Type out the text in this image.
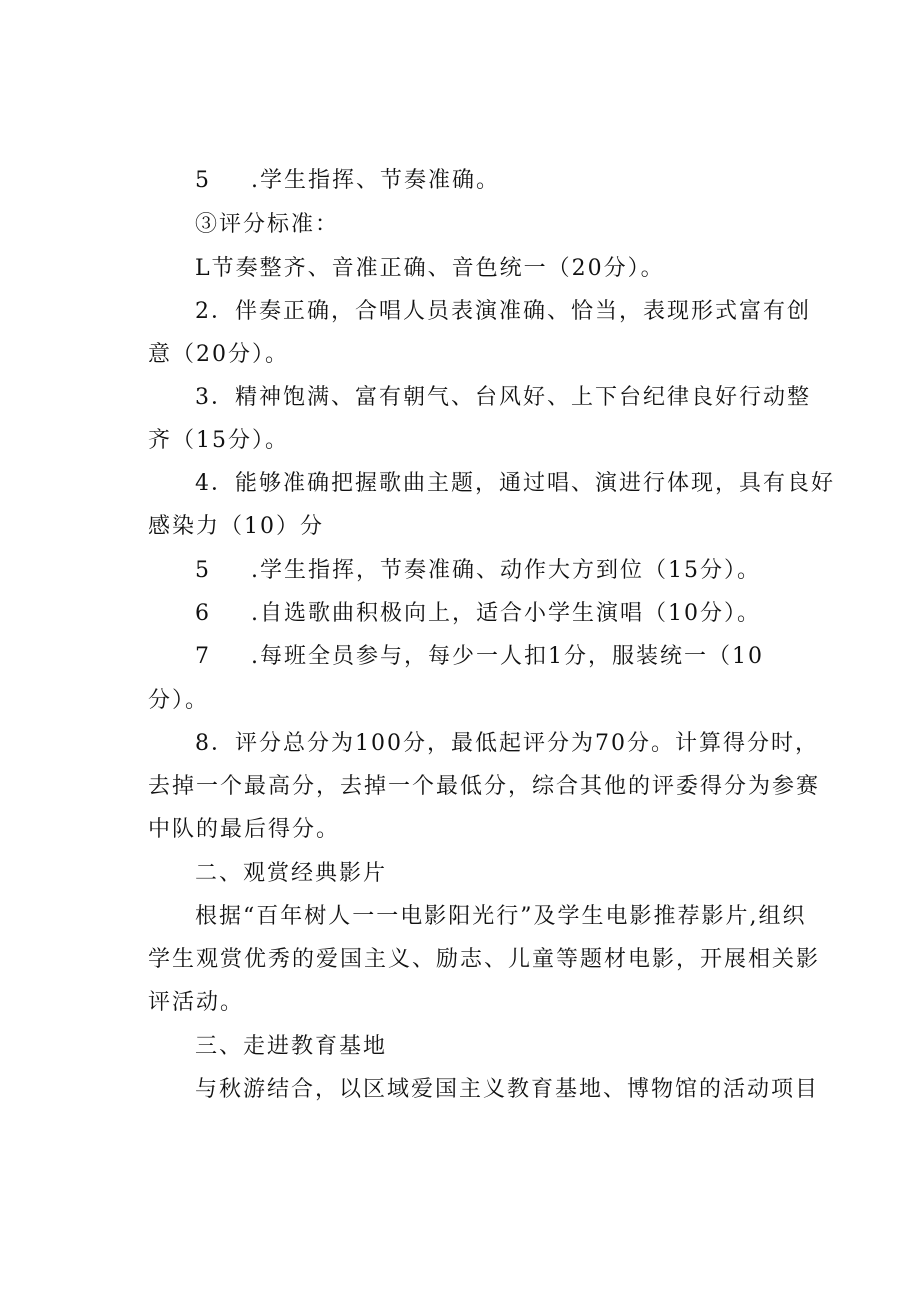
5 .学生指挥、节奏准确。
③评分标准：
L节奏整齐、音准正确、音色统一（20分）。
2．伴奏正确，合唱人员表演准确、恰当，表现形式富有创
意（20分）。
3．精神饱满、富有朝气、台风好、上下台纪律良好行动整
齐（15分）。
4．能够准确把握歌曲主题，通过唱、演进行体现，具有良好
感染力（10）分
5 .学生指挥，节奏准确、动作大方到位（15分）。
6 .自选歌曲积极向上，适合小学生演唱（10分）。
7 .每班全员参与，每少一人扣1分，服装统一（10
分）。
8．评分总分为100分，最低起评分为70分。计算得分时，
去掉一个最高分，去掉一个最低分，综合其他的评委得分为参赛
中队的最后得分。
二、观赏经典影片
根据“百年树人一一电影阳光行”及学生电影推荐影片,组织
学生观赏优秀的爱国主义、励志、儿童等题材电影，开展相关影
评活动。
三、走进教育基地
与秋游结合，以区域爱国主义教育基地、博物馆的活动项目
